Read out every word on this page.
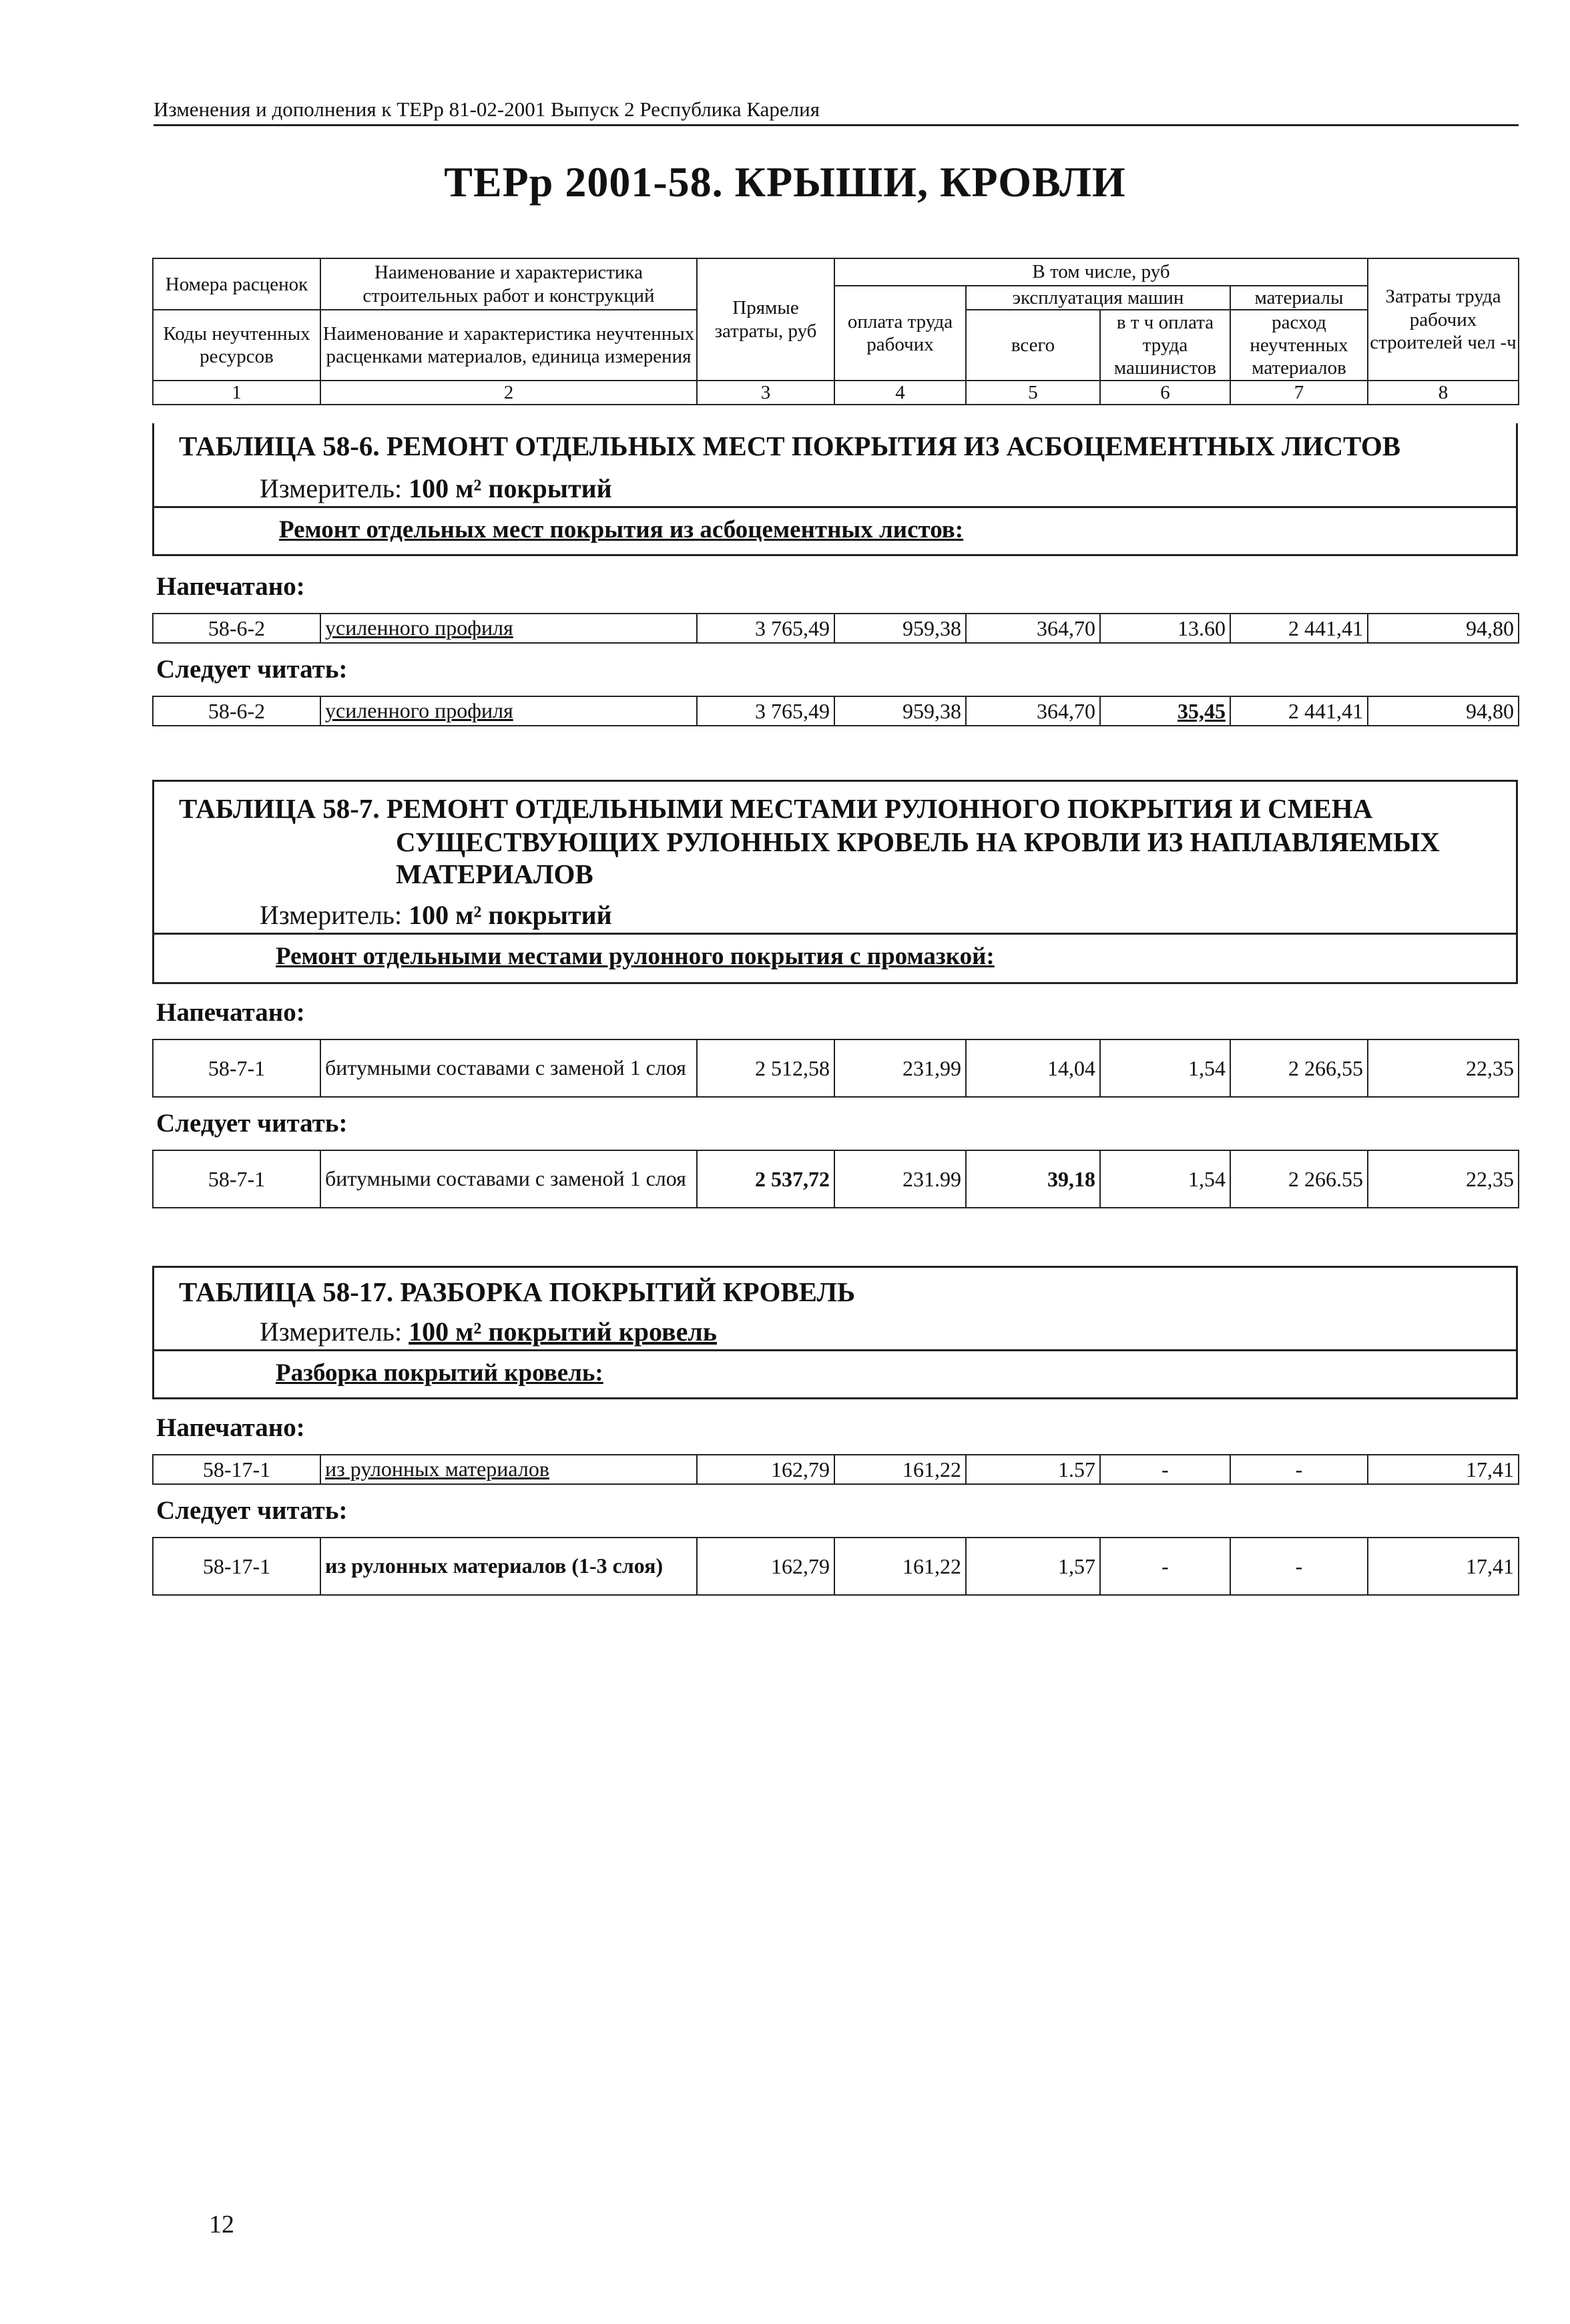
Изменения и дополнения к ТЕРр 81-02-2001 Выпуск 2 Республика Карелия
ТЕРр 2001-58. КРЫШИ, КРОВЛИ
Номера расценок	Наименование и характеристика строительных работ и конструкций	Прямые затраты, руб	В том числе, руб				Затраты труда рабочих строителей чел -ч
			оплата труда рабочих	эксплуатация машин		материалы	
Коды неучтенных ресурсов	Наименование и характеристика неучтенных расценками материалов, единица измерения			всего	в т ч оплата труда машинистов	расход неучтенных материалов	

1	2	3	4	5	6	7	8
ТАБЛИЦА 58-6. РЕМОНТ ОТДЕЛЬНЫХ МЕСТ ПОКРЫТИЯ ИЗ АСБОЦЕМЕНТНЫХ ЛИСТОВ
Измеритель: 100 м² покрытий
Ремонт отдельных мест покрытия из асбоцементных листов:
Напечатано:
58-6-2	усиленного профиля	3 765,49	959,38	364,70	13.60	2 441,41	94,80
Следует читать:
58-6-2	усиленного профиля	3 765,49	959,38	364,70	35,45	2 441,41	94,80
ТАБЛИЦА 58-7. РЕМОНТ ОТДЕЛЬНЫМИ МЕСТАМИ РУЛОННОГО ПОКРЫТИЯ И СМЕНА
СУЩЕСТВУЮЩИХ РУЛОННЫХ КРОВЕЛЬ НА КРОВЛИ ИЗ НАПЛАВЛЯЕМЫХ
МАТЕРИАЛОВ
Измеритель: 100 м² покрытий
Ремонт отдельными местами рулонного покрытия с промазкой:
Напечатано:
58-7-1	битумными составами с заменой 1 слоя	2 512,58	231,99	14,04	1,54	2 266,55	22,35
Следует читать:
58-7-1	битумными составами с заменой 1 слоя	2 537,72	231.99	39,18	1,54	2 266.55	22,35
ТАБЛИЦА 58-17. РАЗБОРКА ПОКРЫТИЙ КРОВЕЛЬ
Измеритель: 100 м² покрытий кровель
Разборка покрытий кровель:
Напечатано:
58-17-1	из рулонных материалов	162,79	161,22	1.57	-	-	17,41
Следует читать:
58-17-1	из рулонных материалов (1-3 слоя)	162,79	161,22	1,57	-	-	17,41
12
